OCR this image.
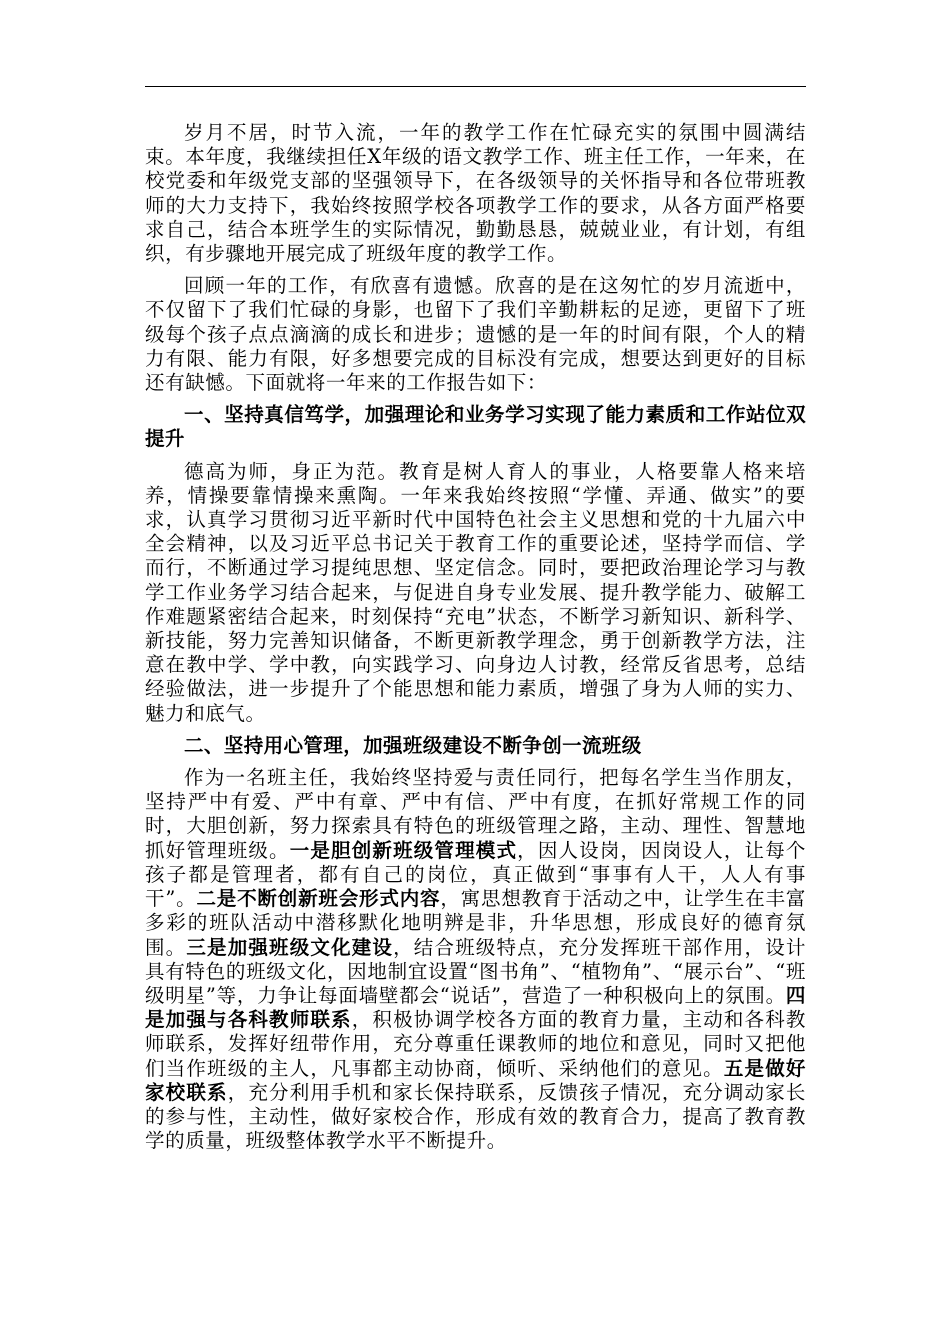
岁月不居，时节入流，一年的教学工作在忙碌充实的氛围中圆满结束。本年度，我继续担任X年级的语文教学工作、班主任工作，一年来，在校党委和年级党支部的坚强领导下，在各级领导的关怀指导和各位带班教师的大力支持下，我始终按照学校各项教学工作的要求，从各方面严格要求自己，结合本班学生的实际情况，勤勤恳恳，兢兢业业，有计划，有组织，有步骤地开展完成了班级年度的教学工作。

回顾一年的工作，有欣喜有遗憾。欣喜的是在这匆忙的岁月流逝中，不仅留下了我们忙碌的身影，也留下了我们辛勤耕耘的足迹，更留下了班级每个孩子点点滴滴的成长和进步；遗憾的是一年的时间有限，个人的精力有限、能力有限，好多想要完成的目标没有完成，想要达到更好的目标还有缺憾。下面就将一年来的工作报告如下：

一、坚持真信笃学，加强理论和业务学习实现了能力素质和工作站位双提升

德高为师，身正为范。教育是树人育人的事业，人格要靠人格来培养，情操要靠情操来熏陶。一年来我始终按照“学懂、弄通、做实”的要求，认真学习贯彻习近平新时代中国特色社会主义思想和党的十九届六中全会精神，以及习近平总书记关于教育工作的重要论述，坚持学而信、学而行，不断通过学习提纯思想、坚定信念。同时，要把政治理论学习与教学工作业务学习结合起来，与促进自身专业发展、提升教学能力、破解工作难题紧密结合起来，时刻保持“充电”状态，不断学习新知识、新科学、新技能，努力完善知识储备，不断更新教学理念，勇于创新教学方法，注意在教中学、学中教，向实践学习、向身边人讨教，经常反省思考，总结经验做法，进一步提升了个能思想和能力素质，增强了身为人师的实力、魅力和底气。

二、坚持用心管理，加强班级建设不断争创一流班级

作为一名班主任，我始终坚持爱与责任同行，把每名学生当作朋友，坚持严中有爱、严中有章、严中有信、严中有度，在抓好常规工作的同时，大胆创新，努力探索具有特色的班级管理之路，主动、理性、智慧地抓好管理班级。一是胆创新班级管理模式，因人设岗，因岗设人，让每个孩子都是管理者，都有自己的岗位，真正做到“事事有人干，人人有事干”。二是不断创新班会形式内容，寓思想教育于活动之中，让学生在丰富多彩的班队活动中潜移默化地明辨是非，升华思想，形成良好的德育氛围。三是加强班级文化建设，结合班级特点，充分发挥班干部作用，设计具有特色的班级文化，因地制宜设置“图书角”、“植物角”、“展示台”、“班级明星”等，力争让每面墙壁都会“说话”，营造了一种积极向上的氛围。四是加强与各科教师联系，积极协调学校各方面的教育力量，主动和各科教师联系，发挥好纽带作用，充分尊重任课教师的地位和意见，同时又把他们当作班级的主人，凡事都主动协商，倾听、采纳他们的意见。五是做好家校联系，充分利用手机和家长保持联系，反馈孩子情况，充分调动家长的参与性，主动性，做好家校合作，形成有效的教育合力，提高了教育教学的质量，班级整体教学水平不断提升。
